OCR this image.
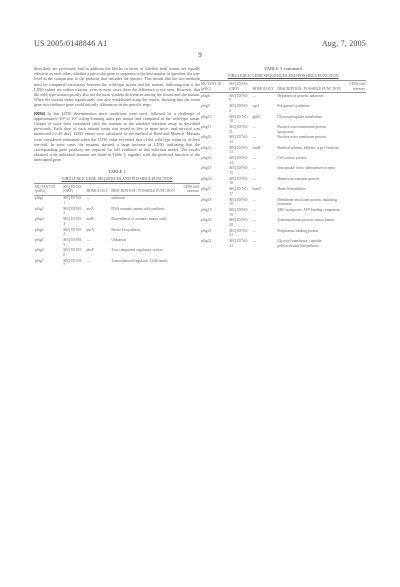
US 2005/0148846 A1	Aug. 7, 2005
9

described, are processed, and in addition the blocks in terms of whether both strains are equally effective as each other; whether a particular gene or sequence is the best marker in question; the top-level in the comparison to the pathway that includes the species. This means that the two methods must be compared consistency between the wild-type strains and the mutant, indicating that if the LD50 values are within a factor, even in most cases there the difference is not seen. However, that the wild-type strain typically also are the most virulent differences among the strains and the mutant. When the mutant strain significantly was also established using the results, showing that the strain gene in a virulence gene could not only differences in the specific steps.

[0094] In this LD50 determination most conditions were used, followed by a challenge of approximately 10² to 10⁷ colony-forming units per mouse and compared to the wild-type strain. Groups of mice were inoculated with the mutants in the standard infection assay as described previously. Each dose of each mutant strain was tested in five or more mice, and survival was monitored for 28 days. LD50 values were calculated by the method of Reed and Muench. Mutants were considered attenuated when the LD50 value exceeded that of the wild-type strain by at least ten-fold. In most cases the mutants showed a large increase in LD50, indicating that the corresponding gene products are required for full virulence in this infection model. The results obtained with individual mutants are listed in Table 1, together with the predicted function of the interrupted gene.

TABLE 1
VIRULENCE GENE SEQUENCES AND POSSIBLE FUNCTION
MUTANT ID (pSIG)	SEQ ID NO: (ORF)	HOMOLOGY	DESCRIPTION / POSSIBLE FUNCTION	LD50 fold increase
pSig1	SEQ ID NO: 1	—	unknown	
pSig2	SEQ ID NO: 2	aroA	DNA aromatic amino acid synthesis	
pSig3	SEQ ID NO: 3	aroB	Biosynthesis of aromatic amino acids	
pSig4	SEQ ID NO: 4	purA	Purine biosynthesis	
pSig5	SEQ ID NO: 5	—	Unknown	
pSig6	SEQ ID NO: 6	phoP	Two-component regulatory system	
pSig7	SEQ ID NO: 7	—	Transcriptional regulator, LysR family	
TABLE 1-continued
VIRULENCE GENE SEQUENCES AND POSSIBLE FUNCTION
MUTANT ID (pSIG)	SEQ ID NO: (ORF)	HOMOLOGY	DESCRIPTION / POSSIBLE FUNCTION	LD50 fold increase
pSig8	SEQ ID NO: 8	—	Hypothetical protein, unknown	
pSig9	SEQ ID NO: 9	ispA	Polyprenyl synthetase	
pSig10	SEQ ID NO: 10	glpD	Glycerophosphate metabolism	
pSig11	SEQ ID NO: 11	—	Putative outer membrane protein, lipoprotein	
pSig12	SEQ ID NO: 12	—	Putative outer membrane protein	
pSig13	SEQ ID NO: 13	fimH	Fimbrial subunit, adhesin; type I fimbriae	
pSig14	SEQ ID NO: 14	—	Cell surface protein	
pSig15	SEQ ID NO: 15	—	Iron uptake; ferric siderophore receptor	
pSig16	SEQ ID NO: 16	—	Hemolysin transport protein	
pSig17	SEQ ID NO: 17	hemY	Heme biosynthesis	
pSig18	SEQ ID NO: 18	—	Membrane associated protein, multidrug resistance	
pSig19	SEQ ID NO: 19	—	ABC transporter, ATP-binding component	
pSig20	SEQ ID NO: 20	—	Transmembrane protein, sensor kinase	
pSig21	SEQ ID NO: 21	—	Periplasmic binding protein	
pSig22	SEQ ID NO: 22	—	Glycosyl transferase, capsular polysaccharide biosynthesis	
